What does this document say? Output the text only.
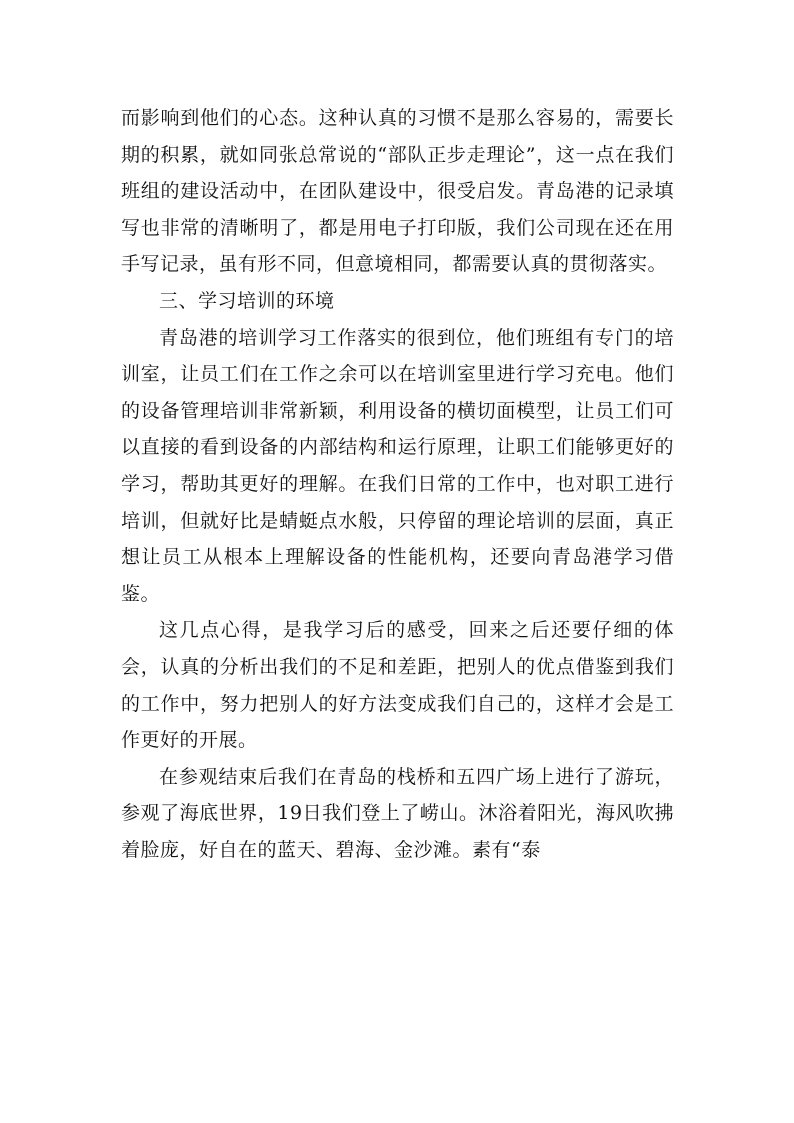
而影响到他们的心态。这种认真的习惯不是那么容易的，需要长期的积累，就如同张总常说的“部队正步走理论”，这一点在我们班组的建设活动中，在团队建设中，很受启发。青岛港的记录填写也非常的清晰明了，都是用电子打印版，我们公司现在还在用手写记录，虽有形不同，但意境相同，都需要认真的贯彻落实。

三、学习培训的环境

青岛港的培训学习工作落实的很到位，他们班组有专门的培训室，让员工们在工作之余可以在培训室里进行学习充电。他们的设备管理培训非常新颖，利用设备的横切面模型，让员工们可以直接的看到设备的内部结构和运行原理，让职工们能够更好的学习，帮助其更好的理解。在我们日常的工作中，也对职工进行培训，但就好比是蜻蜓点水般，只停留的理论培训的层面，真正想让员工从根本上理解设备的性能机构，还要向青岛港学习借鉴。

这几点心得，是我学习后的感受，回来之后还要仔细的体会，认真的分析出我们的不足和差距，把别人的优点借鉴到我们的工作中，努力把别人的好方法变成我们自己的，这样才会是工作更好的开展。

在参观结束后我们在青岛的栈桥和五四广场上进行了游玩，参观了海底世界，19日我们登上了崂山。沐浴着阳光，海风吹拂着脸庞，好自在的蓝天、碧海、金沙滩。素有“泰
